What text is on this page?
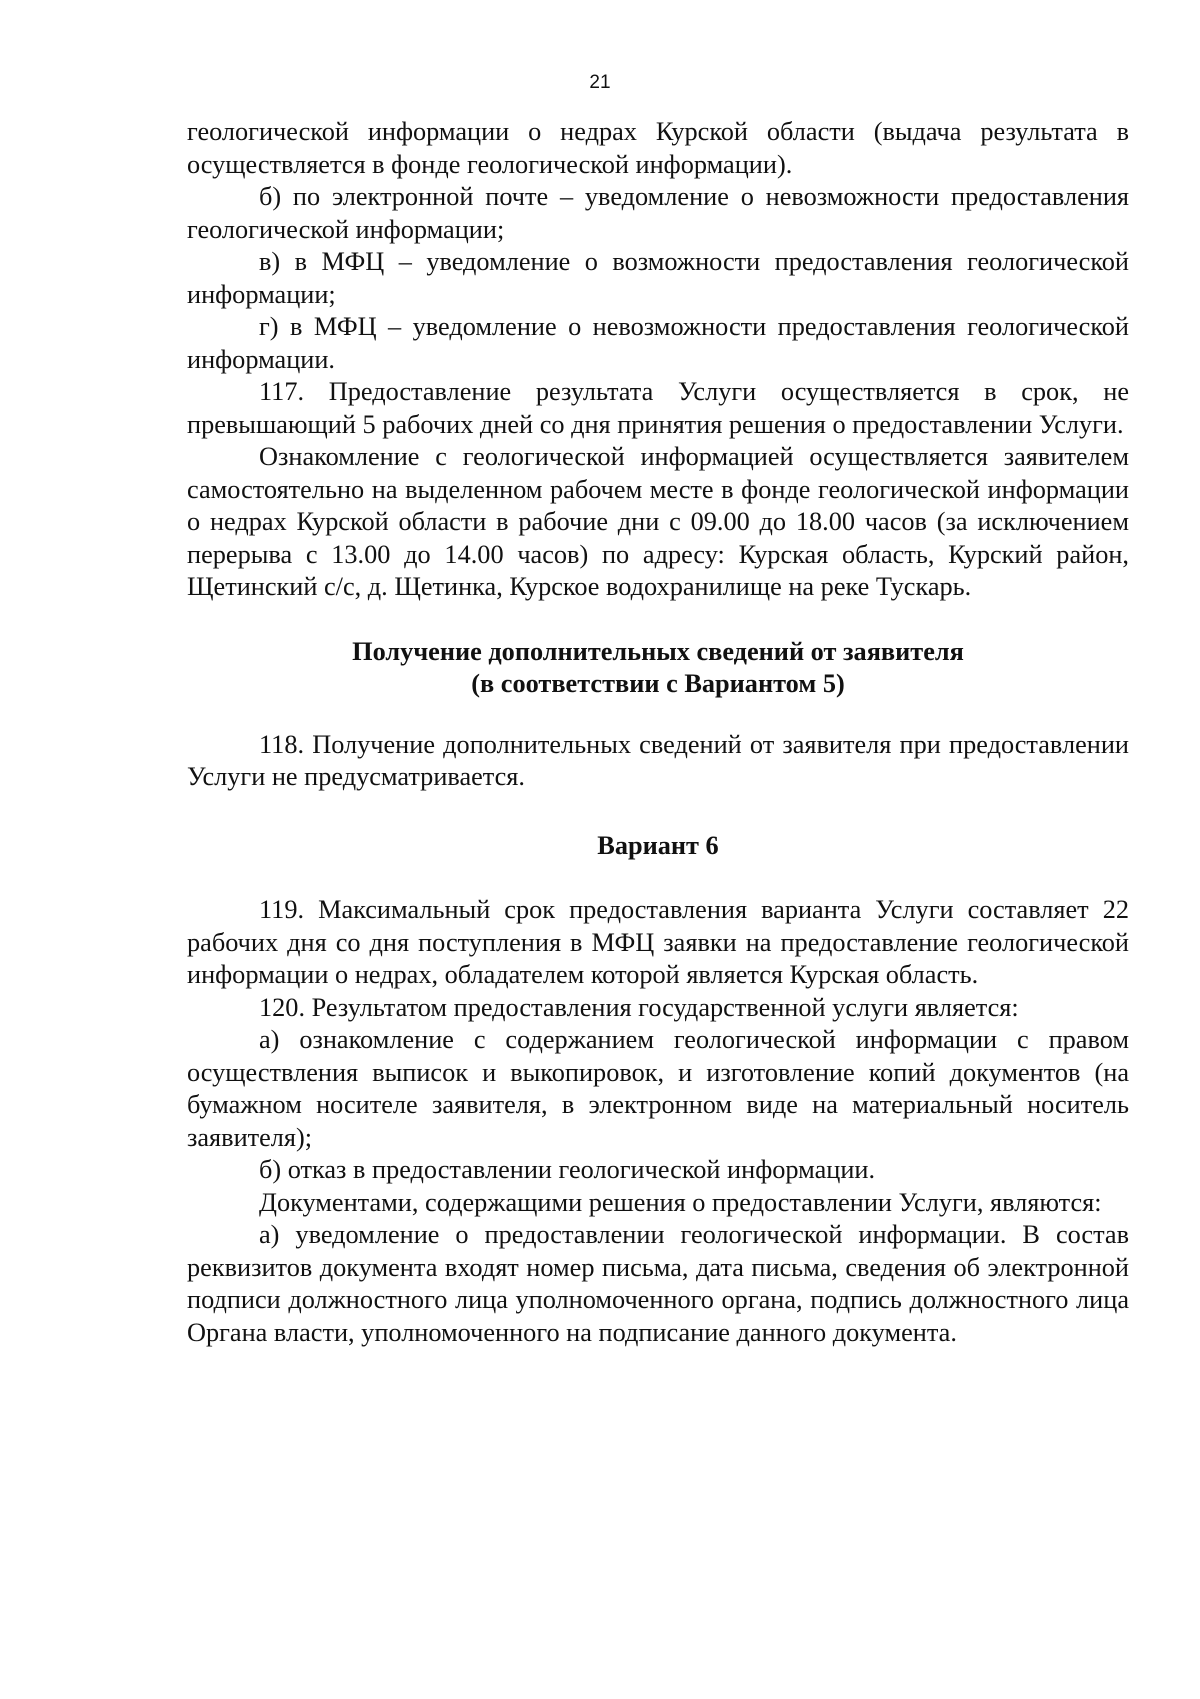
21

геологической информации о недрах Курской области (выдача результата в осуществляется в фонде геологической информации).

б) по электронной почте – уведомление о невозможности предоставления геологической информации;

в) в МФЦ – уведомление о возможности предоставления геологической информации;

г) в МФЦ – уведомление о невозможности предоставления геологической информации.

117. Предоставление результата Услуги осуществляется в срок, не превышающий 5 рабочих дней со дня принятия решения о предоставлении Услуги.

Ознакомление с геологической информацией осуществляется заявителем самостоятельно на выделенном рабочем месте в фонде геологической информации о недрах Курской области в рабочие дни с 09.00 до 18.00 часов (за исключением перерыва с 13.00 до 14.00 часов) по адресу: Курская область, Курский район, Щетинский с/с, д. Щетинка, Курское водохранилище на реке Тускарь.

Получение дополнительных сведений от заявителя

(в соответствии с Вариантом 5)

118. Получение дополнительных сведений от заявителя при предоставлении Услуги не предусматривается.

Вариант 6

119. Максимальный срок предоставления варианта Услуги составляет 22 рабочих дня со дня поступления в МФЦ заявки на предоставление геологической информации о недрах, обладателем которой является Курская область.

120. Результатом предоставления государственной услуги является:

а) ознакомление с содержанием геологической информации с правом осуществления выписок и выкопировок, и изготовление копий документов (на бумажном носителе заявителя, в электронном виде на материальный носитель заявителя);

б) отказ в предоставлении геологической информации.

Документами, содержащими решения о предоставлении Услуги, являются:

а) уведомление о предоставлении геологической информации. В состав реквизитов документа входят номер письма, дата письма, сведения об электронной подписи должностного лица уполномоченного органа, подпись должностного лица Органа власти, уполномоченного на подписание данного документа.
